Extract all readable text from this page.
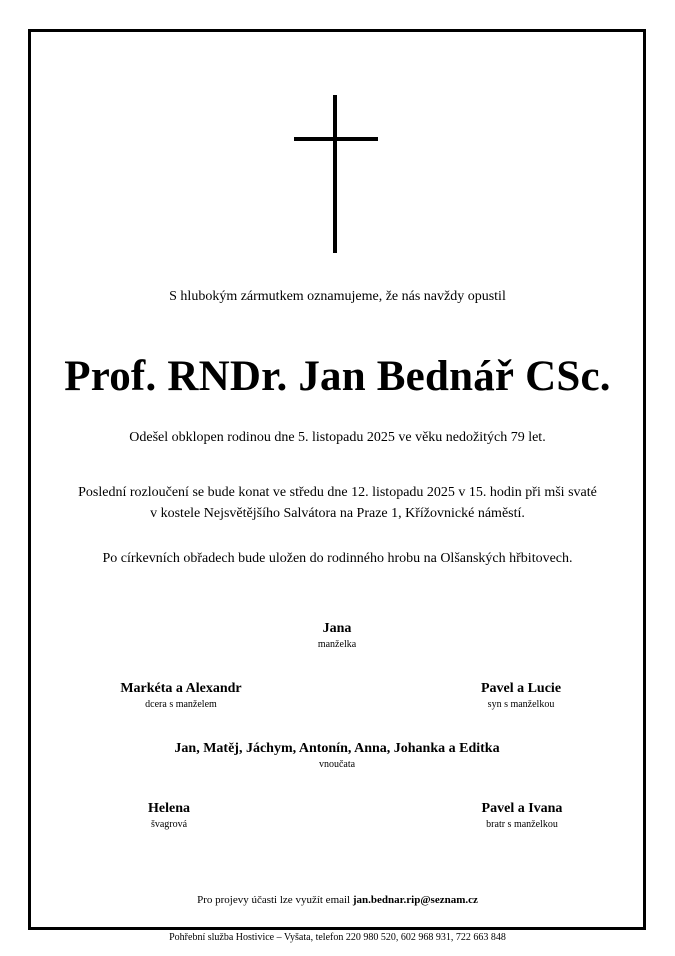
S hlubokým zármutkem oznamujeme, že nás navždy opustil
Prof. RNDr. Jan Bednář CSc.
Odešel obklopen rodinou dne 5. listopadu 2025 ve věku nedožitých 79 let.
Poslední rozloučení se bude konat ve středu dne 12. listopadu 2025 v 15. hodin při mši svaté
v kostele Nejsvětějšího Salvátora na Praze 1, Křížovnické náměstí.
Po církevních obřadech bude uložen do rodinného hrobu na Olšanských hřbitovech.
Jana
manželka
Markéta a Alexandr
dcera s manželem
Pavel a Lucie
syn s manželkou
Jan, Matěj, Jáchym, Antonín, Anna, Johanka a Editka
vnoučata
Helena
švagrová
Pavel a Ivana
bratr s manželkou
Pro projevy účasti lze využít email jan.bednar.rip@seznam.cz
Pohřební služba Hostivice – Vyšata, telefon 220 980 520, 602 968 931, 722 663 848
